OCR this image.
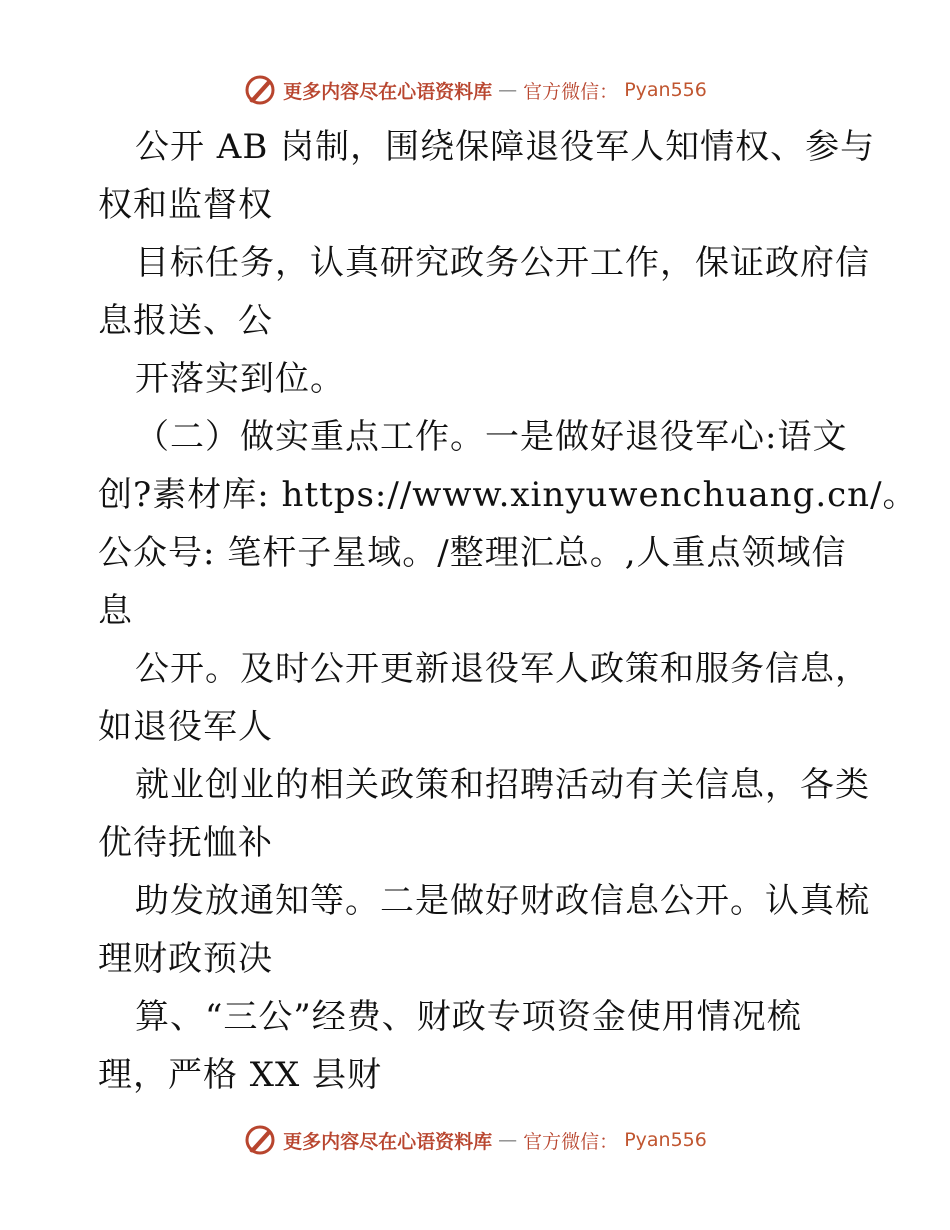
更多内容尽在心语资料库 — 官方微信： Pyan556
公开 AB 岗制，围绕保障退役军人知情权、参与
权和监督权
目标任务，认真研究政务公开工作，保证政府信
息报送、公
开落实到位。
（二）做实重点工作。一是做好退役军心:语文
创?素材库: https://www.xinyuwenchuang.cn/。
公众号: 笔杆子星域。/整理汇总。,人重点领域信
息
公开。及时公开更新退役军人政策和服务信息，
如退役军人
就业创业的相关政策和招聘活动有关信息，各类
优待抚恤补
助发放通知等。二是做好财政信息公开。认真梳
理财政预决
算、“三公”经费、财政专项资金使用情况梳
理，严格 XX 县财
更多内容尽在心语资料库 — 官方微信： Pyan556
